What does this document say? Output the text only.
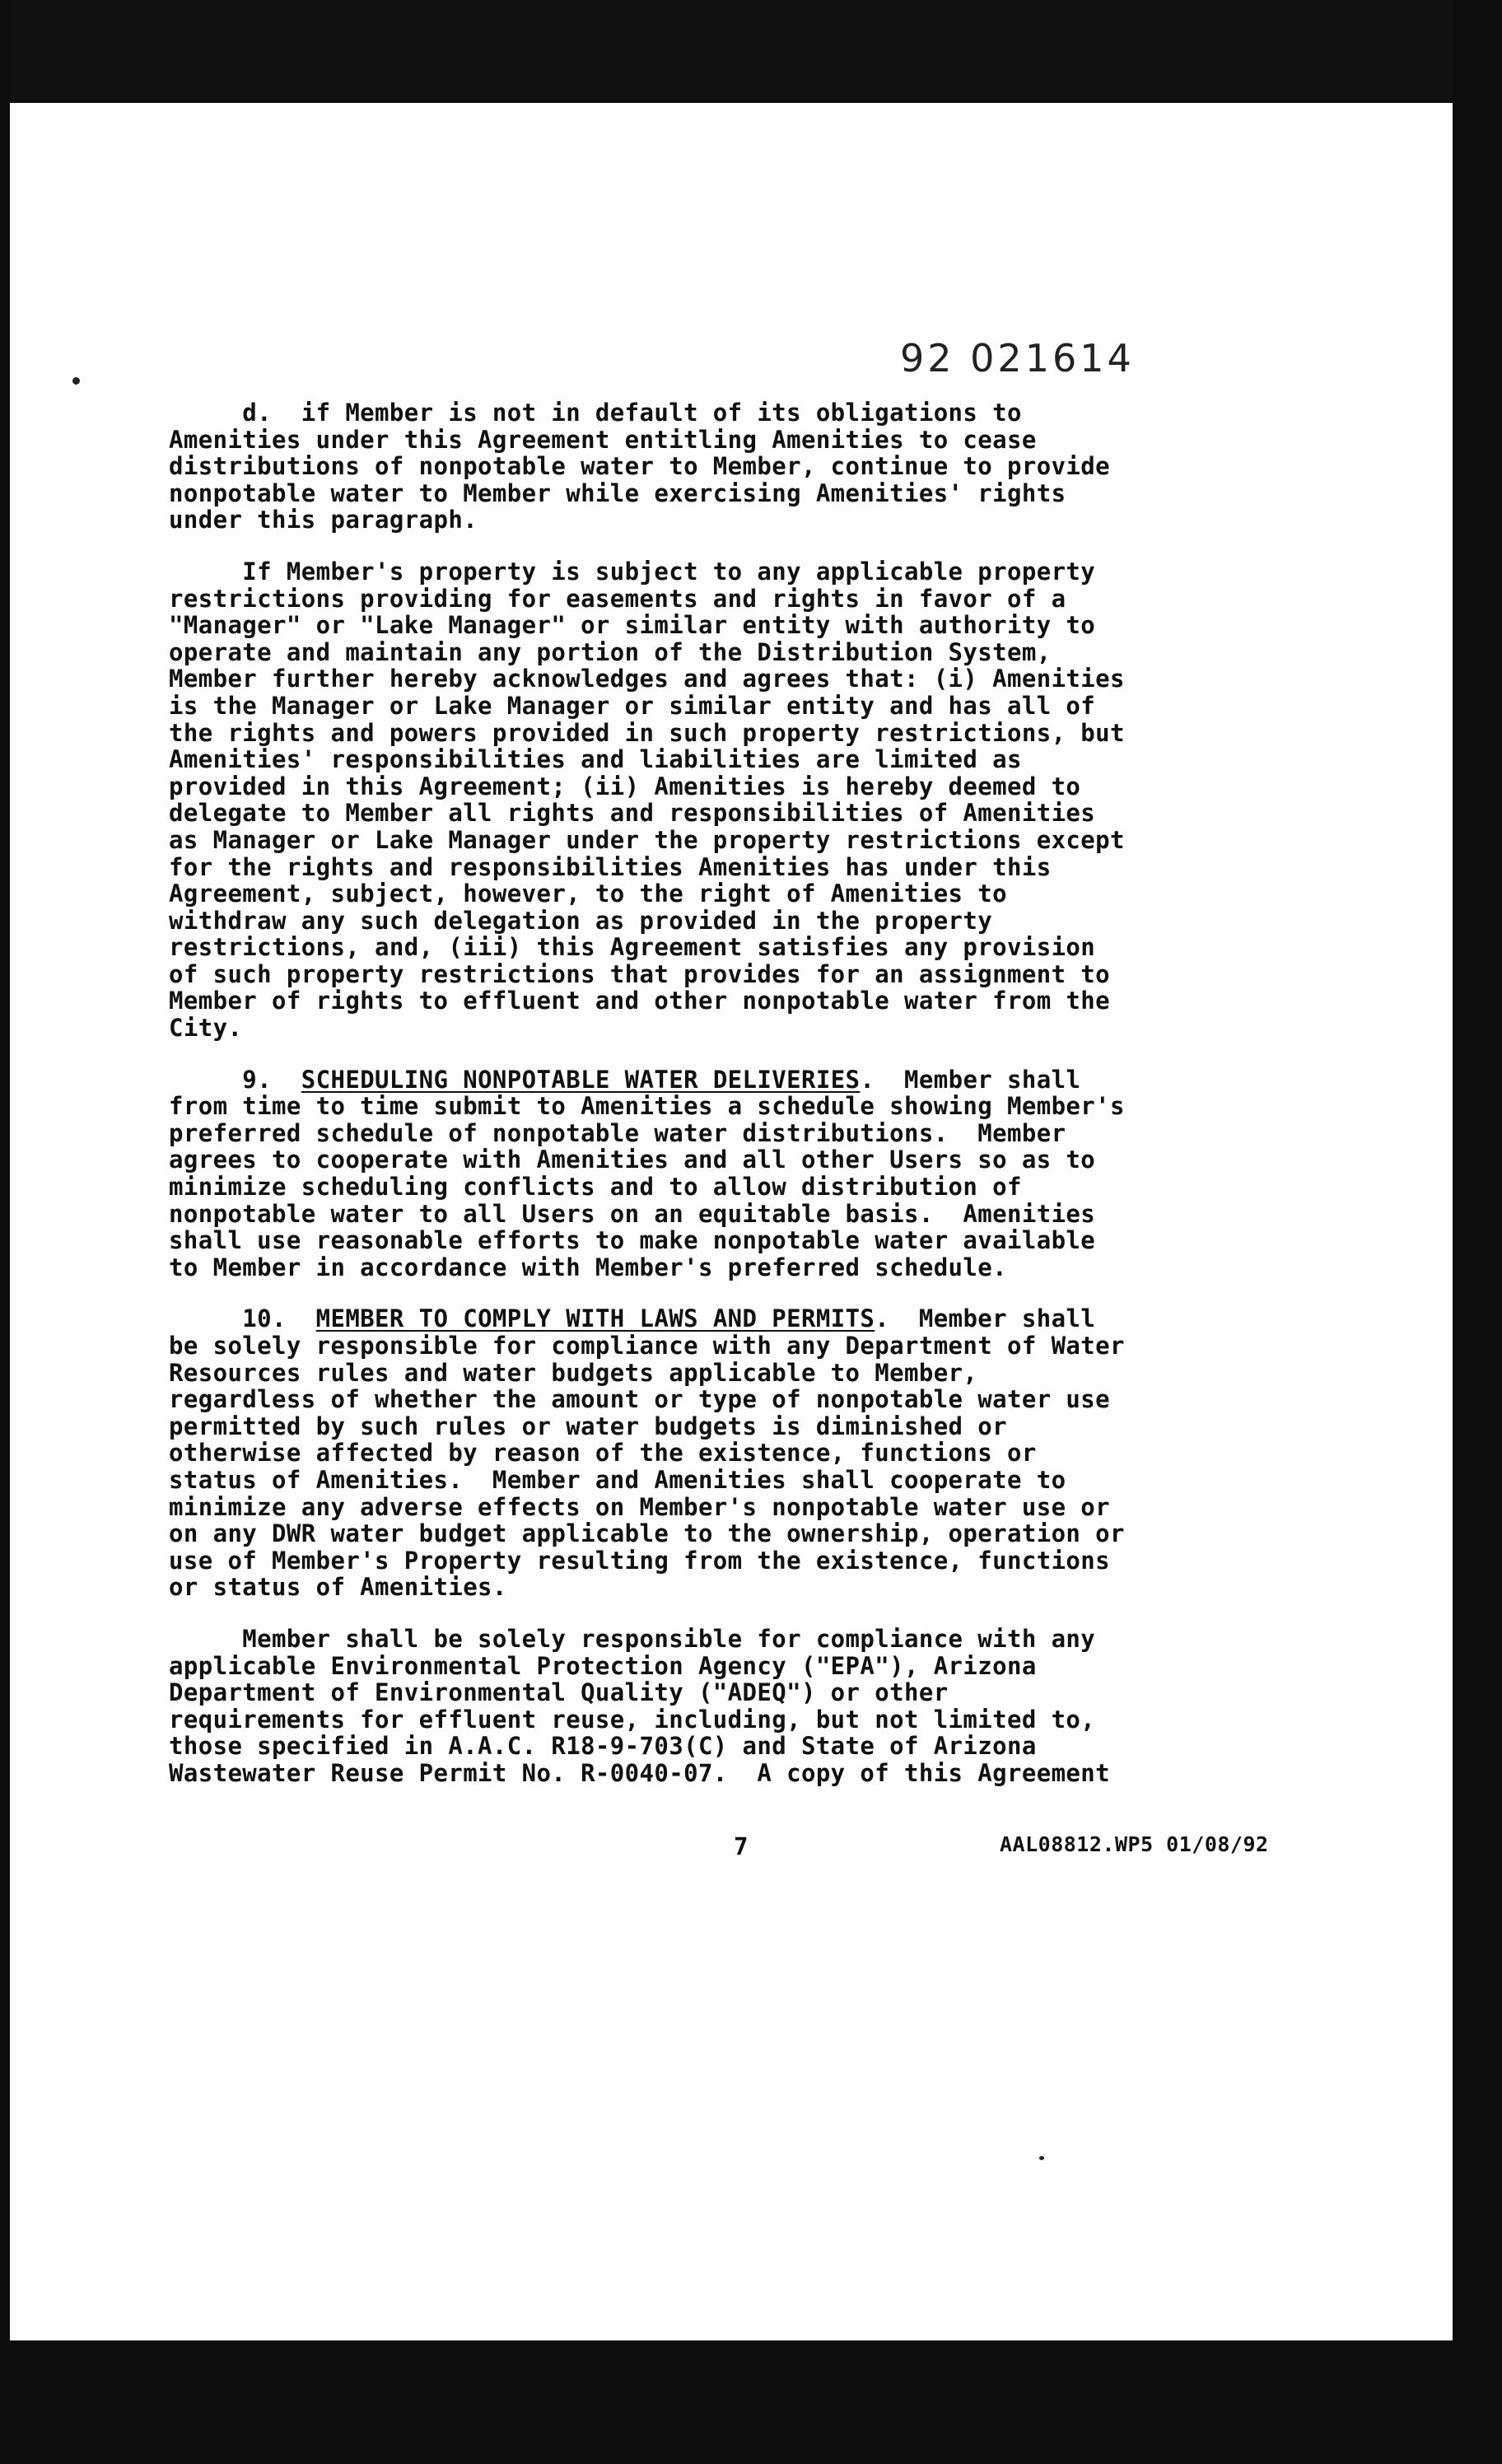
92 021614

d.  if Member is not in default of its obligations to

Amenities under this Agreement entitling Amenities to cease

distributions of nonpotable water to Member, continue to provide

nonpotable water to Member while exercising Amenities' rights

under this paragraph.

If Member's property is subject to any applicable property

restrictions providing for easements and rights in favor of a

"Manager" or "Lake Manager" or similar entity with authority to

operate and maintain any portion of the Distribution System,

Member further hereby acknowledges and agrees that: (i) Amenities

is the Manager or Lake Manager or similar entity and has all of

the rights and powers provided in such property restrictions, but

Amenities' responsibilities and liabilities are limited as

provided in this Agreement; (ii) Amenities is hereby deemed to

delegate to Member all rights and responsibilities of Amenities

as Manager or Lake Manager under the property restrictions except

for the rights and responsibilities Amenities has under this

Agreement, subject, however, to the right of Amenities to

withdraw any such delegation as provided in the property

restrictions, and, (iii) this Agreement satisfies any provision

of such property restrictions that provides for an assignment to

Member of rights to effluent and other nonpotable water from the

City.

9.  SCHEDULING NONPOTABLE WATER DELIVERIES.  Member shall

from time to time submit to Amenities a schedule showing Member's

preferred schedule of nonpotable water distributions.  Member

agrees to cooperate with Amenities and all other Users so as to

minimize scheduling conflicts and to allow distribution of

nonpotable water to all Users on an equitable basis.  Amenities

shall use reasonable efforts to make nonpotable water available

to Member in accordance with Member's preferred schedule.

10.  MEMBER TO COMPLY WITH LAWS AND PERMITS.  Member shall

be solely responsible for compliance with any Department of Water

Resources rules and water budgets applicable to Member,

regardless of whether the amount or type of nonpotable water use

permitted by such rules or water budgets is diminished or

otherwise affected by reason of the existence, functions or

status of Amenities.  Member and Amenities shall cooperate to

minimize any adverse effects on Member's nonpotable water use or

on any DWR water budget applicable to the ownership, operation or

use of Member's Property resulting from the existence, functions

or status of Amenities.

Member shall be solely responsible for compliance with any

applicable Environmental Protection Agency ("EPA"), Arizona

Department of Environmental Quality ("ADEQ") or other

requirements for effluent reuse, including, but not limited to,

those specified in A.A.C. R18-9-703(C) and State of Arizona

Wastewater Reuse Permit No. R-0040-07.  A copy of this Agreement

7	AAL08812.WP5 01/08/92
